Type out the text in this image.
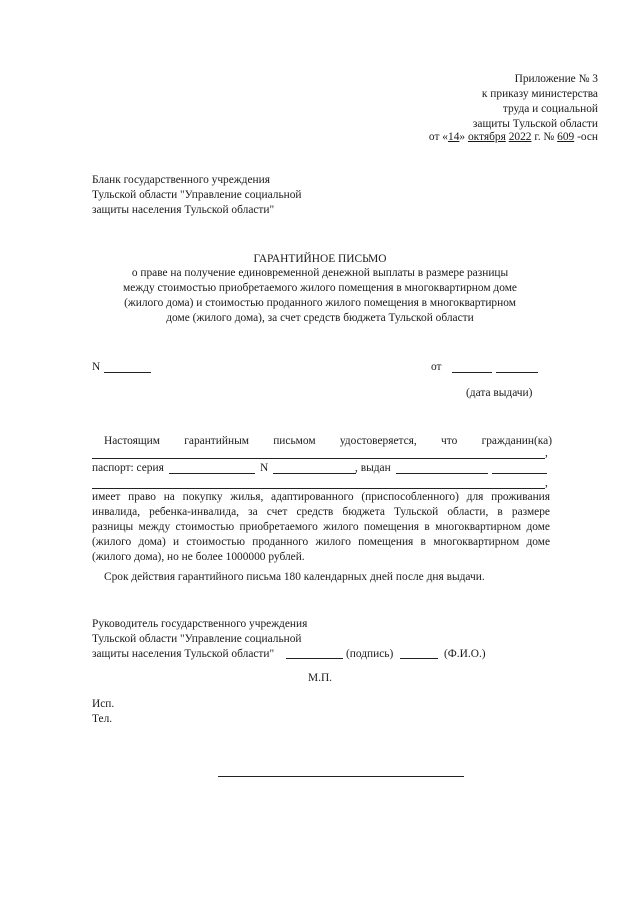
Приложение № 3
к приказу министерства
труда и социальной
защиты Тульской области
от «14» октября 2022 г. № 609 -осн
Бланк государственного учреждения
Тульской области "Управление социальной
защиты населения Тульской области"
ГАРАНТИЙНОЕ ПИСЬМО
о праве на получение единовременной денежной выплаты в размере разницы
между стоимостью приобретаемого жилого помещения в многоквартирном доме
(жилого дома) и стоимостью проданного жилого помещения в многоквартирном
доме (жилого дома), за счет средств бюджета Тульской области
N	от
(дата выдачи)
Настоящим гарантийным письмом удостоверяется, что гражданин(ка)
,
паспорт: серия	N	, выдан
,
имеет право на покупку жилья, адаптированного (приспособленного) для проживания
инвалида, ребенка-инвалида, за счет средств бюджета Тульской области, в размере
разницы между стоимостью приобретаемого жилого помещения в многоквартирном доме
(жилого дома) и стоимостью проданного жилого помещения в многоквартирном доме
(жилого дома), но не более 1000000 рублей.
Срок действия гарантийного письма 180 календарных дней после дня выдачи.
Руководитель государственного учреждения
Тульской области "Управление социальной
защиты населения Тульской области"	(подпись)	(Ф.И.О.)
М.П.
Исп.
Тел.
